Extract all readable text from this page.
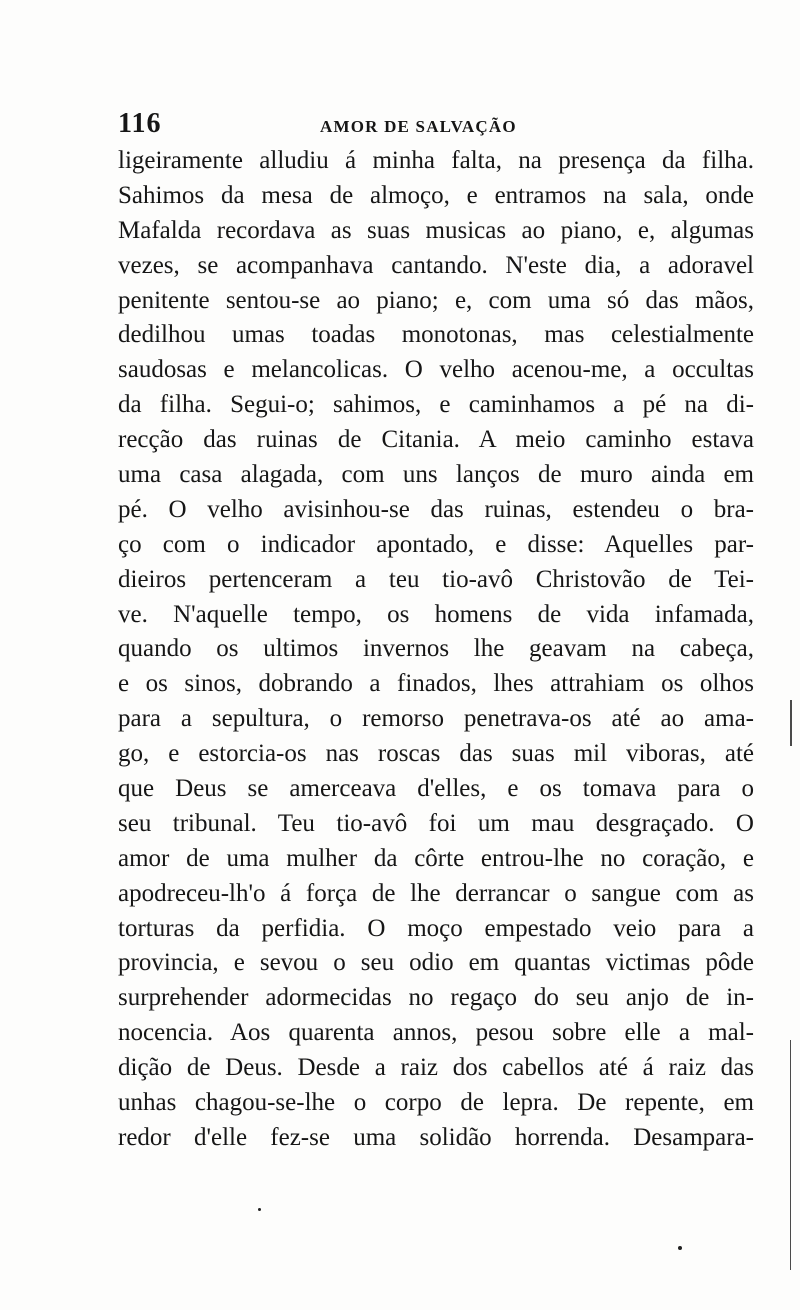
116	AMOR DE SALVAÇÃO
ligeiramente alludiu á minha falta, na presença da filha.
Sahimos da mesa de almoço, e entramos na sala, onde
Mafalda recordava as suas musicas ao piano, e, algumas
vezes, se acompanhava cantando. N'este dia, a adoravel
penitente sentou-se ao piano; e, com uma só das mãos,
dedilhou umas toadas monotonas, mas celestialmente
saudosas e melancolicas. O velho acenou-me, a occultas
da filha. Segui-o; sahimos, e caminhamos a pé na di-
recção das ruinas de Citania. A meio caminho estava
uma casa alagada, com uns lanços de muro ainda em
pé. O velho avisinhou-se das ruinas, estendeu o bra-
ço com o indicador apontado, e disse: Aquelles par-
dieiros pertenceram a teu tio-avô Christovão de Tei-
ve. N'aquelle tempo, os homens de vida infamada,
quando os ultimos invernos lhe geavam na cabeça,
e os sinos, dobrando a finados, lhes attrahiam os olhos
para a sepultura, o remorso penetrava-os até ao ama-
go, e estorcia-os nas roscas das suas mil viboras, até
que Deus se amerceava d'elles, e os tomava para o
seu tribunal. Teu tio-avô foi um mau desgraçado. O
amor de uma mulher da côrte entrou-lhe no coração, e
apodreceu-lh'o á força de lhe derrancar o sangue com as
torturas da perfidia. O moço empestado veio para a
provincia, e sevou o seu odio em quantas victimas pôde
surprehender adormecidas no regaço do seu anjo de in-
nocencia. Aos quarenta annos, pesou sobre elle a mal-
dição de Deus. Desde a raiz dos cabellos até á raiz das
unhas chagou-se-lhe o corpo de lepra. De repente, em
redor d'elle fez-se uma solidão horrenda. Desampara-
